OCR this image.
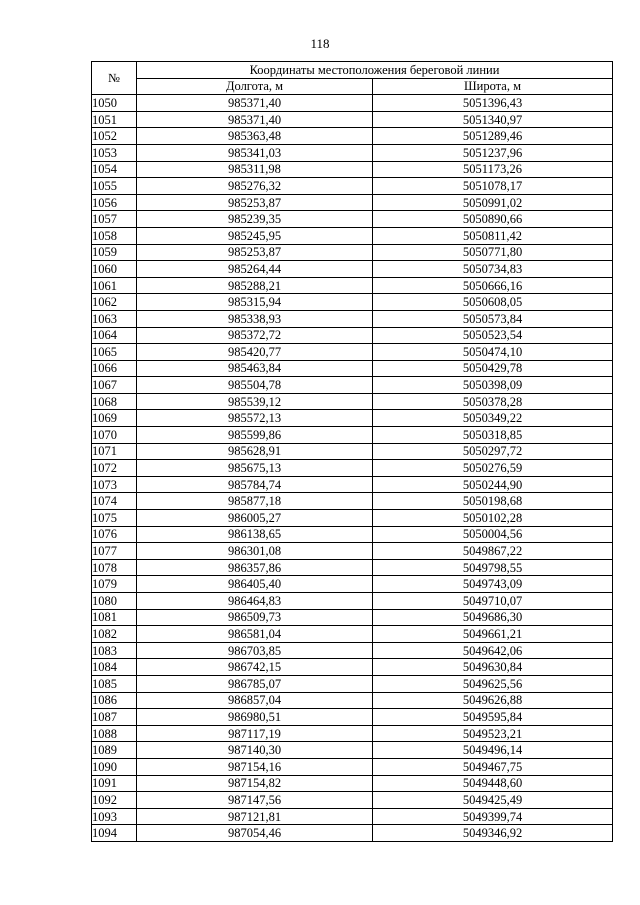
118
№	Координаты местоположения береговой линии	
	Долгота, м	Широта, м
1050	985371,40	5051396,43
1051	985371,40	5051340,97
1052	985363,48	5051289,46
1053	985341,03	5051237,96
1054	985311,98	5051173,26
1055	985276,32	5051078,17
1056	985253,87	5050991,02
1057	985239,35	5050890,66
1058	985245,95	5050811,42
1059	985253,87	5050771,80
1060	985264,44	5050734,83
1061	985288,21	5050666,16
1062	985315,94	5050608,05
1063	985338,93	5050573,84
1064	985372,72	5050523,54
1065	985420,77	5050474,10
1066	985463,84	5050429,78
1067	985504,78	5050398,09
1068	985539,12	5050378,28
1069	985572,13	5050349,22
1070	985599,86	5050318,85
1071	985628,91	5050297,72
1072	985675,13	5050276,59
1073	985784,74	5050244,90
1074	985877,18	5050198,68
1075	986005,27	5050102,28
1076	986138,65	5050004,56
1077	986301,08	5049867,22
1078	986357,86	5049798,55
1079	986405,40	5049743,09
1080	986464,83	5049710,07
1081	986509,73	5049686,30
1082	986581,04	5049661,21
1083	986703,85	5049642,06
1084	986742,15	5049630,84
1085	986785,07	5049625,56
1086	986857,04	5049626,88
1087	986980,51	5049595,84
1088	987117,19	5049523,21
1089	987140,30	5049496,14
1090	987154,16	5049467,75
1091	987154,82	5049448,60
1092	987147,56	5049425,49
1093	987121,81	5049399,74
1094	987054,46	5049346,92
